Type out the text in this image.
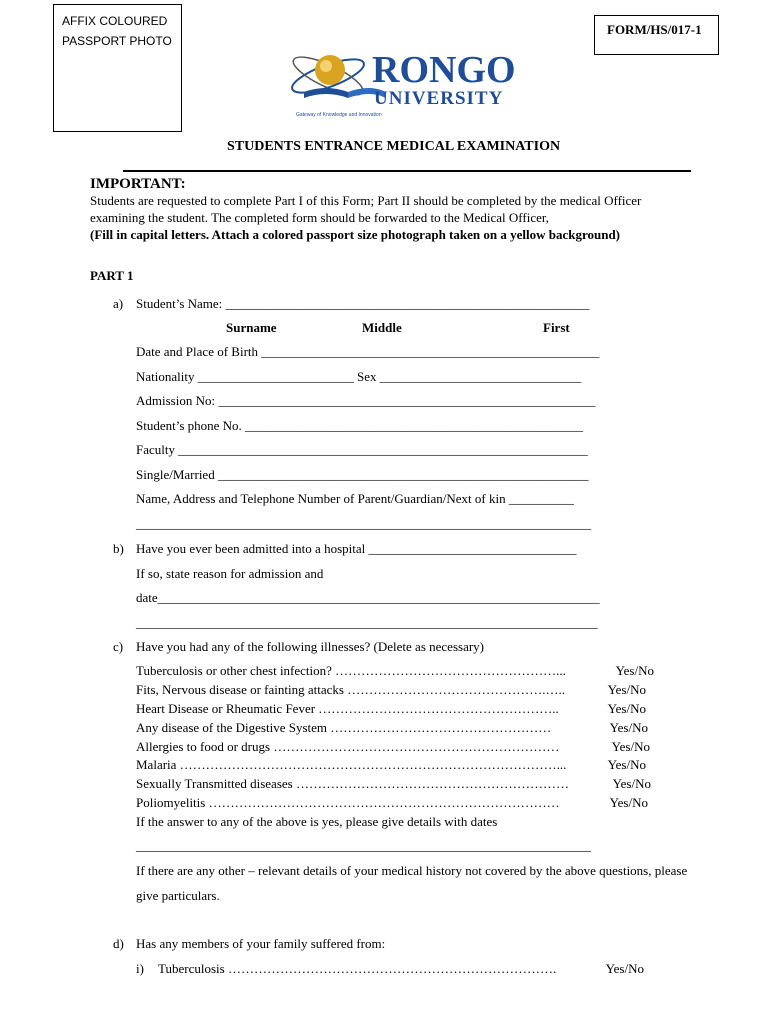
AFFIX COLOURED
PASSPORT PHOTO
FORM/HS/017-1
RONGO
UNIVERSITY
Gateway of Knowledge and Innovation
STUDENTS ENTRANCE MEDICAL EXAMINATION
IMPORTANT:
Students are requested to complete Part I of this Form; Part II should be completed by the medical Officer
examining the student. The completed form should be forwarded to the Medical Officer,
(Fill in capital letters. Attach a colored passport size photograph taken on a yellow background)
PART 1
a) Student’s Name: ________________________________________________________
Surname	Middle	First
Date and Place of Birth ____________________________________________________
Nationality ________________________ Sex _______________________________
Admission No: __________________________________________________________
Student’s phone No. ____________________________________________________
Faculty _______________________________________________________________
Single/Married _________________________________________________________
Name, Address and Telephone Number of Parent/Guardian/Next of kin __________
______________________________________________________________________
b) Have you ever been admitted into a hospital ________________________________
If so, state reason for admission and
date____________________________________________________________________
_______________________________________________________________________
c) Have you had any of the following illnesses? (Delete as necessary)
Tuberculosis or other chest infection? ……………………………………………...	Yes/No
Fits, Nervous disease or fainting attacks ……………………………………….…..	Yes/No
Heart Disease or Rheumatic Fever ………………………………………………..	Yes/No
Any disease of the Digestive System ……………………………………………	Yes/No
Allergies to food or drugs …………………………………………………………	Yes/No
Malaria ……………………………………………………………………………...	Yes/No
Sexually Transmitted diseases ………………………………………………………	Yes/No
Poliomyelitis ………………………………………………………………………	Yes/No
If the answer to any of the above is yes, please give details with dates
______________________________________________________________________
If there are any other – relevant details of your medical history not covered by the above questions, please
give particulars.
d) Has any members of your family suffered from:
i) Tuberculosis ………………………………………………………………….	Yes/No
